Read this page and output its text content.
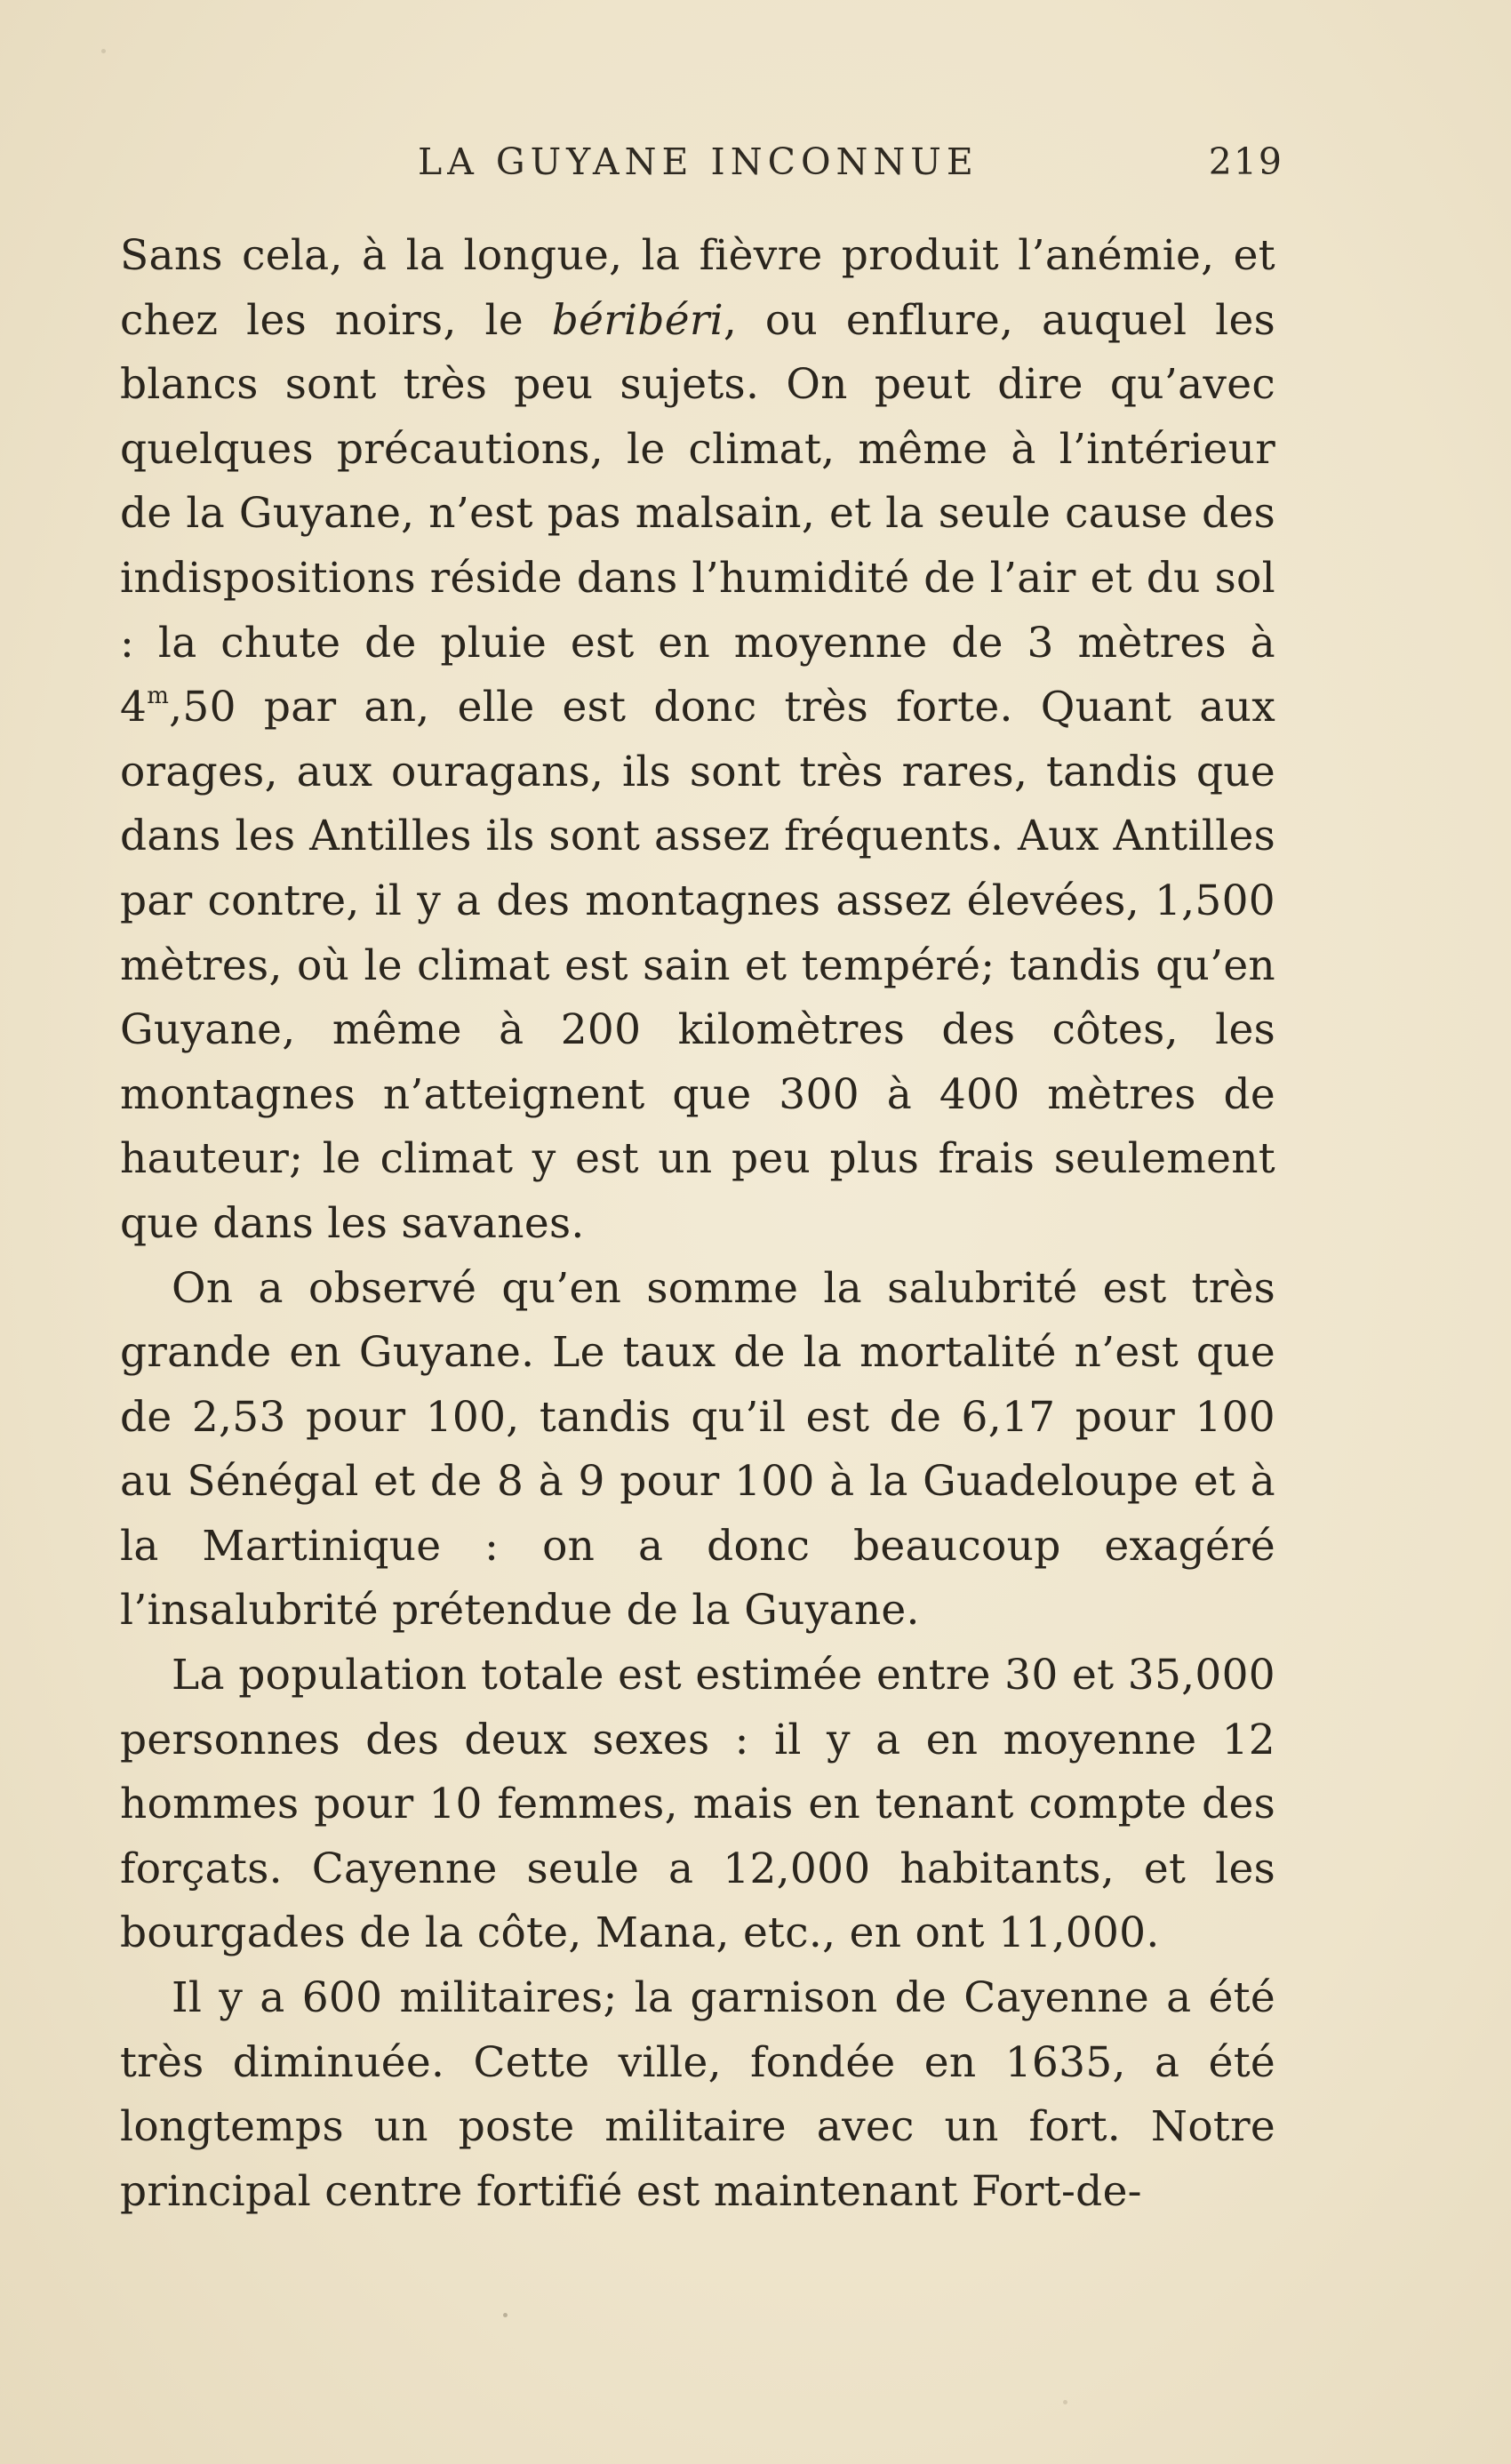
LA GUYANE INCONNUE	219

Sans cela, à la longue, la fièvre produit l’anémie, et chez les noirs, le béribéri, ou enflure, auquel les blancs sont très peu sujets. On peut dire qu’avec quelques précautions, le climat, même à l’intérieur de la Guyane, n’est pas malsain, et la seule cause des indispositions réside dans l’humidité de l’air et du sol : la chute de pluie est en moyenne de 3 mètres à 4$^m$,50 par an, elle est donc très forte. Quant aux orages, aux ouragans, ils sont très rares, tandis que dans les Antilles ils sont assez fréquents. Aux Antilles par contre, il y a des montagnes assez élevées, 1,500 mètres, où le climat est sain et tempéré; tandis qu’en Guyane, même à 200 kilomètres des côtes, les montagnes n’atteignent que 300 à 400 mètres de hauteur; le climat y est un peu plus frais seulement que dans les savanes.

On a observé qu’en somme la salubrité est très grande en Guyane. Le taux de la mortalité n’est que de 2,53 pour 100, tandis qu’il est de 6,17 pour 100 au Sénégal et de 8 à 9 pour 100 à la Guadeloupe et à la Martinique : on a donc beaucoup exagéré l’insalubrité prétendue de la Guyane.

La population totale est estimée entre 30 et 35,000 personnes des deux sexes : il y a en moyenne 12 hommes pour 10 femmes, mais en tenant compte des forçats. Cayenne seule a 12,000 habitants, et les bourgades de la côte, Mana, etc., en ont 11,000.

Il y a 600 militaires; la garnison de Cayenne a été très diminuée. Cette ville, fondée en 1635, a été longtemps un poste militaire avec un fort. Notre principal centre fortifié est maintenant Fort-de-
